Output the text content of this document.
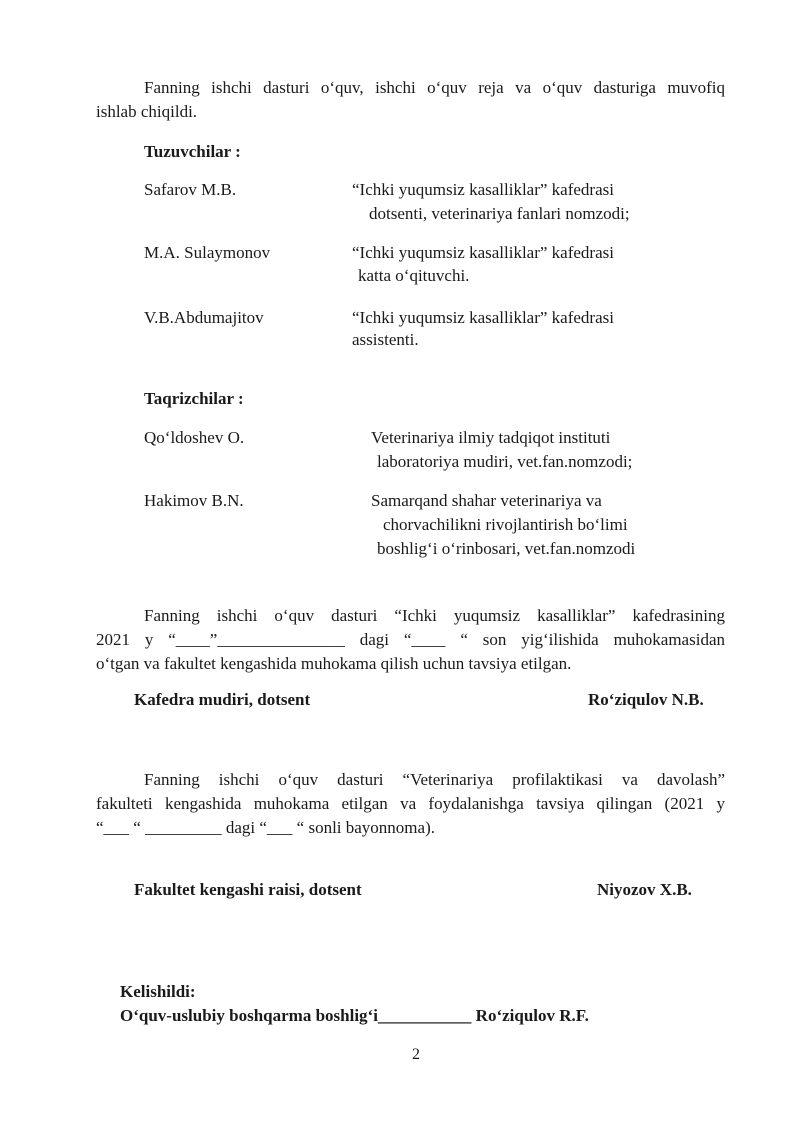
Fanning ishchi dasturi o‘quv, ishchi o‘quv reja va o‘quv dasturiga muvofiq
ishlab chiqildi.
Tuzuvchilar :
Safarov M.B.	“Ichki yuqumsiz kasalliklar” kafedrasi
dotsenti, veterinariya fanlari nomzodi;
M.A. Sulaymonov	“Ichki yuqumsiz kasalliklar” kafedrasi
katta o‘qituvchi.
V.B.Abdumajitov	“Ichki yuqumsiz kasalliklar” kafedrasi
assistenti.
Taqrizchilar :
Qo‘ldoshev O.	Veterinariya ilmiy tadqiqot instituti
laboratoriya mudiri, vet.fan.nomzodi;
Hakimov B.N.	Samarqand shahar veterinariya va
chorvachilikni rivojlantirish bo‘limi
boshlig‘i o‘rinbosari, vet.fan.nomzodi
Fanning ishchi o‘quv dasturi “Ichki yuqumsiz kasalliklar” kafedrasining
2021 y “____”_______________ dagi “____ “ son yig‘ilishida muhokamasidan
o‘tgan va fakultet kengashida muhokama qilish uchun tavsiya etilgan.
Kafedra mudiri, dotsent	Ro‘ziqulov N.B.
Fanning ishchi o‘quv dasturi “Veterinariya profilaktikasi va davolash”
fakulteti kengashida muhokama etilgan va foydalanishga tavsiya qilingan (2021 y
“___ “ _________ dagi “___ “ sonli bayonnoma).
Fakultet kengashi raisi, dotsent	Niyozov X.B.
Kelishildi:
O‘quv-uslubiy boshqarma boshlig‘i___________ Ro‘ziqulov R.F.
2
